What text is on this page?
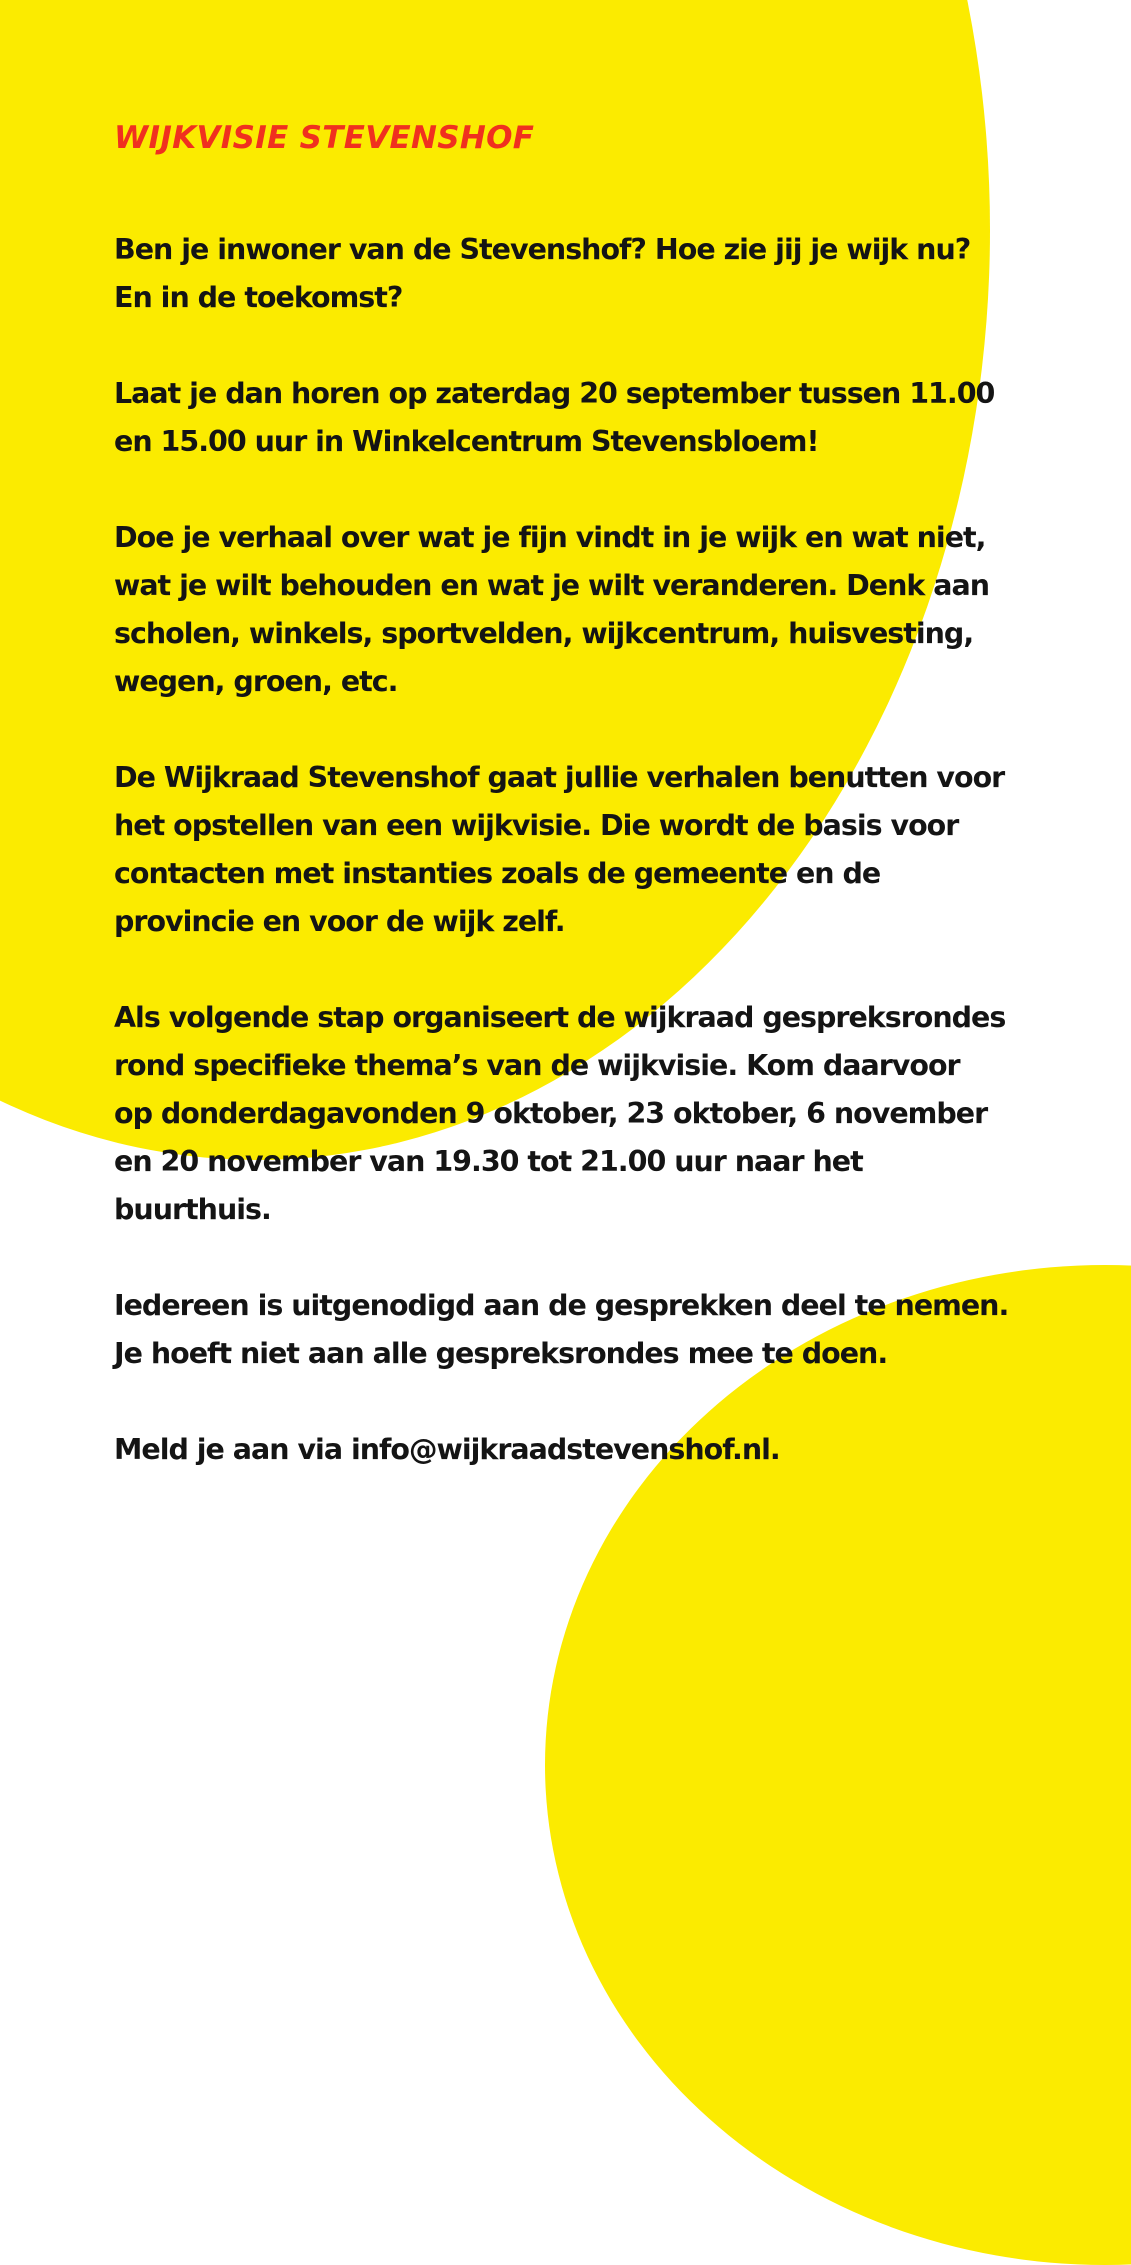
WIJKVISIE STEVENSHOF

Ben je inwoner van de Stevenshof? Hoe zie jij je wijk nu?
En in de toekomst?

Laat je dan horen op zaterdag 20 september tussen 11.00
en 15.00 uur in Winkelcentrum Stevensbloem!

Doe je verhaal over wat je fijn vindt in je wijk en wat niet,
wat je wilt behouden en wat je wilt veranderen. Denk aan
scholen, winkels, sportvelden, wijkcentrum, huisvesting,
wegen, groen, etc.

De Wijkraad Stevenshof gaat jullie verhalen benutten voor
het opstellen van een wijkvisie. Die wordt de basis voor
contacten met instanties zoals de gemeente en de
provincie en voor de wijk zelf.

Als volgende stap organiseert de wijkraad gespreksrondes
rond specifieke thema’s van de wijkvisie. Kom daarvoor
op donderdagavonden 9 oktober, 23 oktober, 6 november
en 20 november van 19.30 tot 21.00 uur naar het
buurthuis.

Iedereen is uitgenodigd aan de gesprekken deel te nemen.
Je hoeft niet aan alle gespreksrondes mee te doen.

Meld je aan via info@wijkraadstevenshof.nl.
